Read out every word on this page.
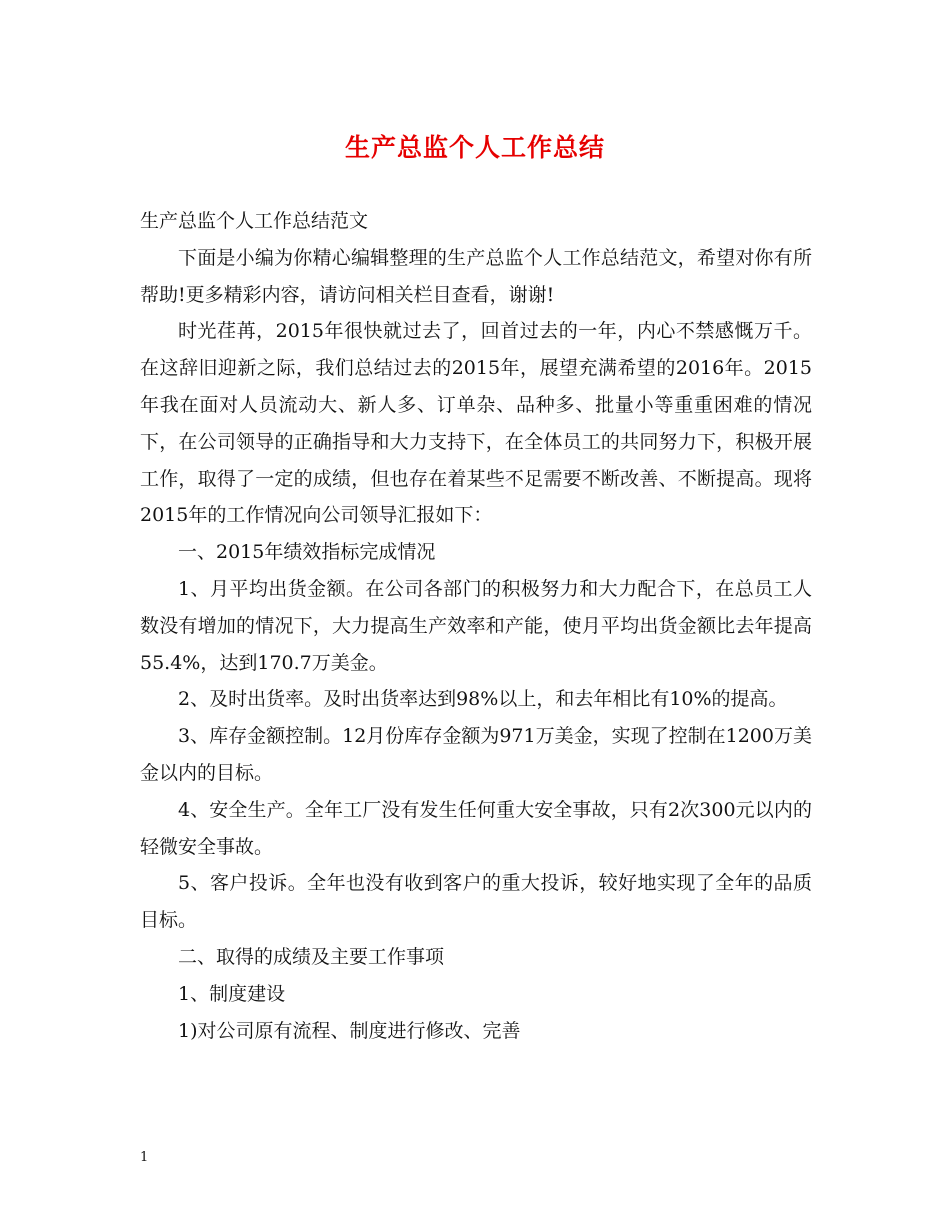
生产总监个人工作总结

生产总监个人工作总结范文

下面是小编为你精心编辑整理的生产总监个人工作总结范文，希望对你有所帮助!更多精彩内容，请访问相关栏目查看，谢谢!

时光荏苒，2015年很快就过去了，回首过去的一年，内心不禁感慨万千。在这辞旧迎新之际，我们总结过去的2015年，展望充满希望的2016年。2015年我在面对人员流动大、新人多、订单杂、品种多、批量小等重重困难的情况下，在公司领导的正确指导和大力支持下，在全体员工的共同努力下，积极开展工作，取得了一定的成绩，但也存在着某些不足需要不断改善、不断提高。现将2015年的工作情况向公司领导汇报如下：

一、2015年绩效指标完成情况

1、月平均出货金额。在公司各部门的积极努力和大力配合下，在总员工人数没有增加的情况下，大力提高生产效率和产能，使月平均出货金额比去年提高55.4%，达到170.7万美金。

2、及时出货率。及时出货率达到98%以上，和去年相比有10%的提高。

3、库存金额控制。12月份库存金额为971万美金，实现了控制在1200万美金以内的目标。

4、安全生产。全年工厂没有发生任何重大安全事故，只有2次300元以内的轻微安全事故。

5、客户投诉。全年也没有收到客户的重大投诉，较好地实现了全年的品质目标。

二、取得的成绩及主要工作事项

1、制度建设

1)对公司原有流程、制度进行修改、完善

1
